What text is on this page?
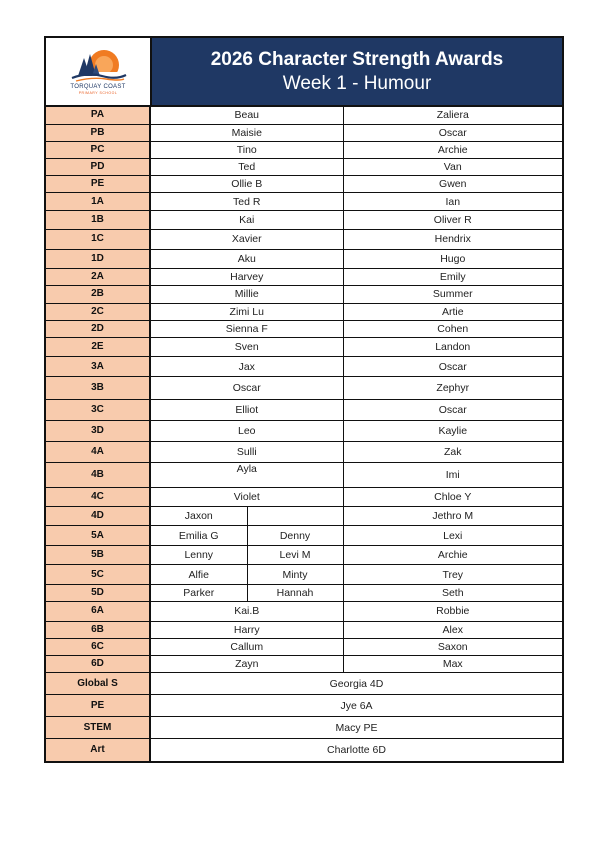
TORQUAY COAST
PRIMARY SCHOOL
2026 Character Strength Awards
Week 1 - Humour
PA	Beau		Zaliera
PB	Maisie		Oscar
PC	Tino		Archie
PD	Ted		Van
PE	Ollie B		Gwen
1A	Ted R		Ian
1B	Kai		Oliver R
1C	Xavier		Hendrix
1D	Aku		Hugo
2A	Harvey		Emily
2B	Millie		Summer
2C	Zimi Lu		Artie
2D	Sienna F		Cohen
2E	Sven		Landon
3A	Jax		Oscar
3B	Oscar		Zephyr
3C	Elliot		Oscar
3D	Leo		Kaylie
4A	Sulli		Zak
4B	Ayla		Imi
4C	Violet		Chloe Y
4D	Jaxon		Jethro M
5A	Emilia G	Denny	Lexi
5B	Lenny	Levi M	Archie
5C	Alfie	Minty	Trey
5D	Parker	Hannah	Seth
6A	Kai.B		Robbie
6B	Harry		Alex
6C	Callum		Saxon
6D	Zayn		Max
Global S	Georgia 4D		
PE	Jye 6A		
STEM	Macy PE		
Art	Charlotte 6D		
